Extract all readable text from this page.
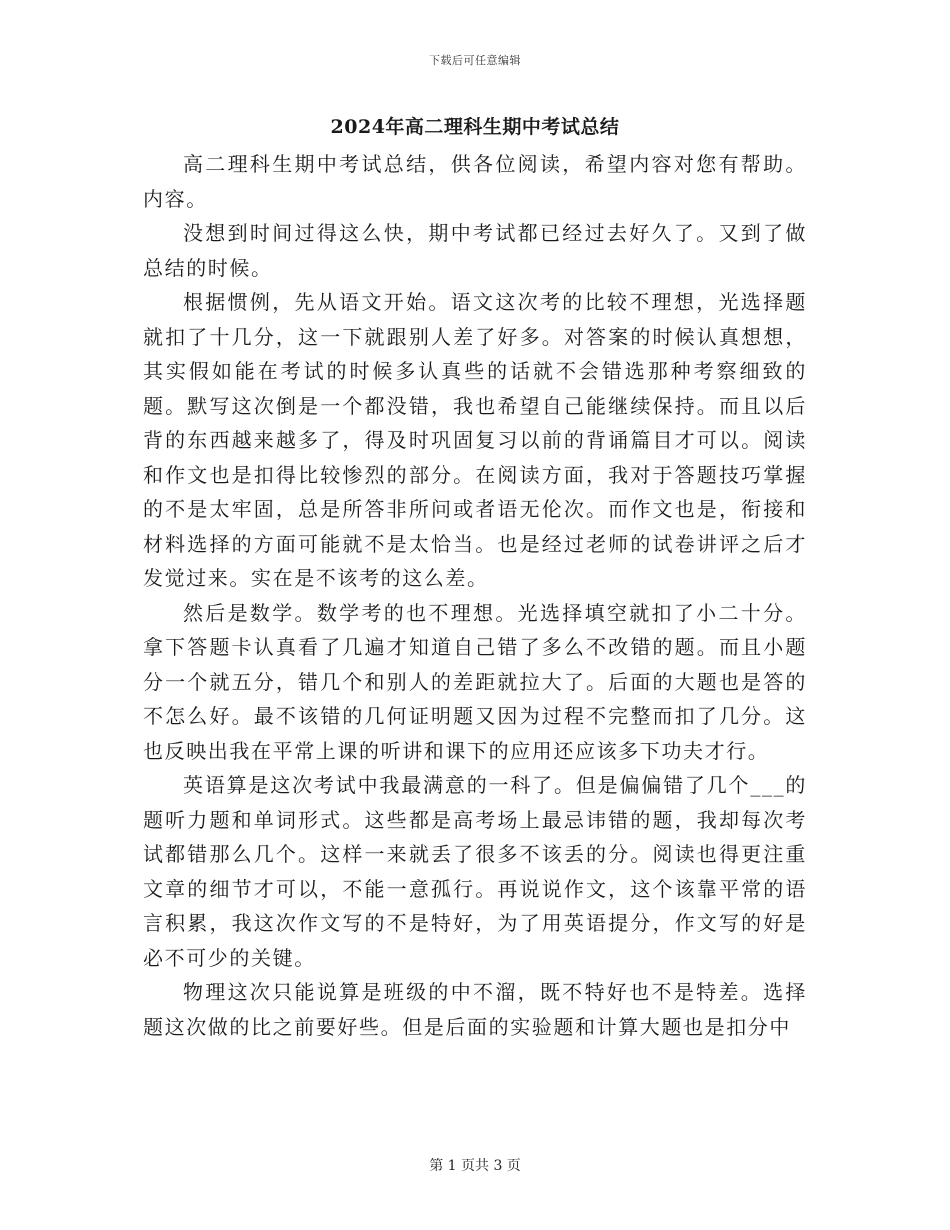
下载后可任意编辑
2024年高二理科生期中考试总结

高二理科生期中考试总结，供各位阅读，希望内容对您有帮助。内容。

没想到时间过得这么快，期中考试都已经过去好久了。又到了做总结的时候。

根据惯例，先从语文开始。语文这次考的比较不理想，光选择题就扣了十几分，这一下就跟别人差了好多。对答案的时候认真想想，其实假如能在考试的时候多认真些的话就不会错选那种考察细致的题。默写这次倒是一个都没错，我也希望自己能继续保持。而且以后背的东西越来越多了，得及时巩固复习以前的背诵篇目才可以。阅读和作文也是扣得比较惨烈的部分。在阅读方面，我对于答题技巧掌握的不是太牢固，总是所答非所问或者语无伦次。而作文也是，衔接和材料选择的方面可能就不是太恰当。也是经过老师的试卷讲评之后才发觉过来。实在是不该考的这么差。

然后是数学。数学考的也不理想。光选择填空就扣了小二十分。拿下答题卡认真看了几遍才知道自己错了多么不改错的题。而且小题分一个就五分，错几个和别人的差距就拉大了。后面的大题也是答的不怎么好。最不该错的几何证明题又因为过程不完整而扣了几分。这也反映出我在平常上课的听讲和课下的应用还应该多下功夫才行。

英语算是这次考试中我最满意的一科了。但是偏偏错了几个___的题听力题和单词形式。这些都是高考场上最忌讳错的题，我却每次考试都错那么几个。这样一来就丢了很多不该丢的分。阅读也得更注重文章的细节才可以，不能一意孤行。再说说作文，这个该靠平常的语言积累，我这次作文写的不是特好，为了用英语提分，作文写的好是必不可少的关键。

物理这次只能说算是班级的中不溜，既不特好也不是特差。选择题这次做的比之前要好些。但是后面的实验题和计算大题也是扣分中

第 1 页共 3 页
